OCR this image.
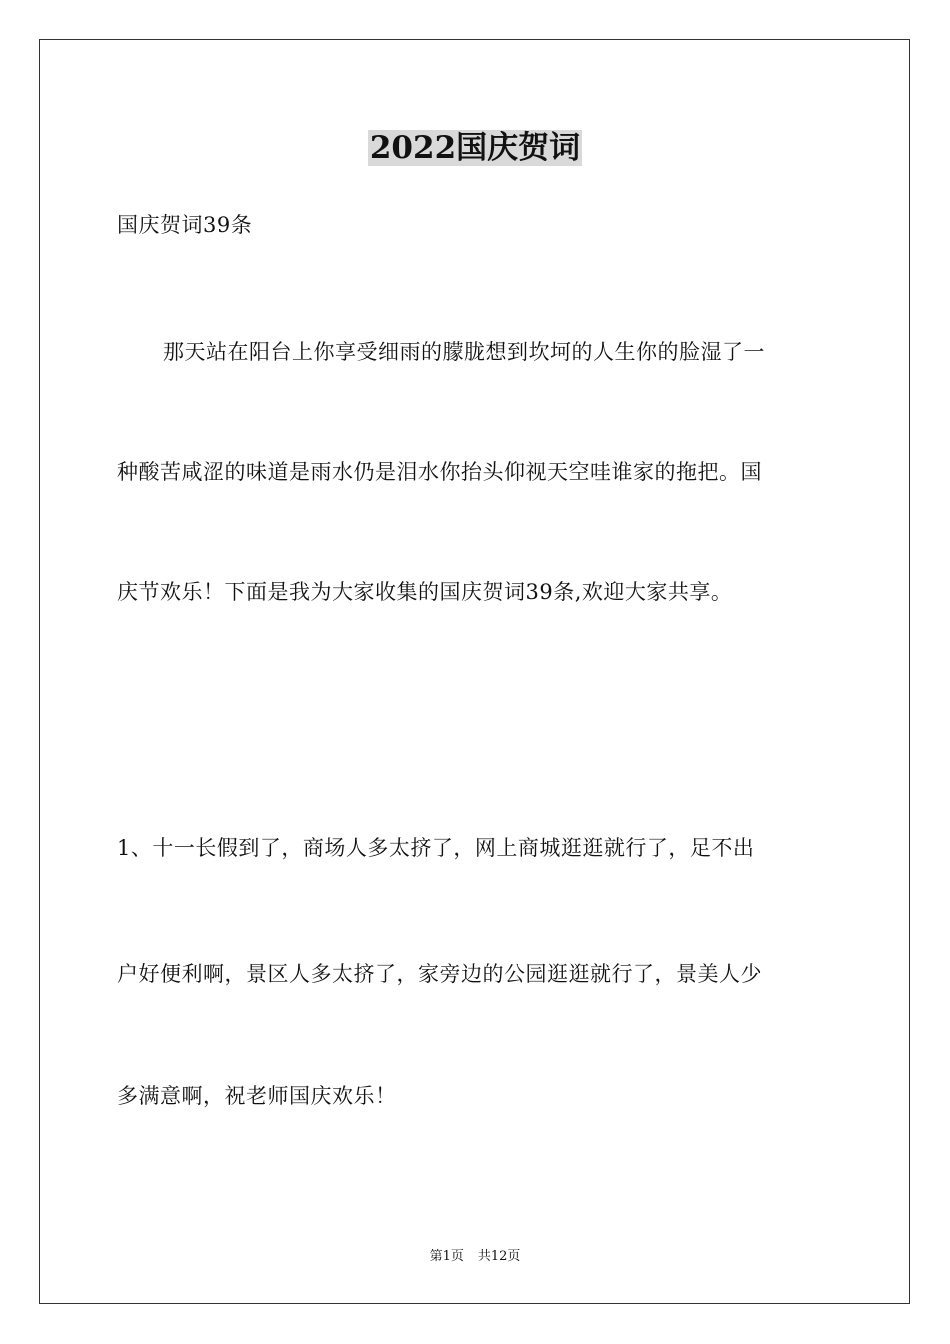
2022国庆贺词
国庆贺词39条
那天站在阳台上你享受细雨的朦胧想到坎坷的人生你的脸湿了一
种酸苦咸涩的味道是雨水仍是泪水你抬头仰视天空哇谁家的拖把。国
庆节欢乐！下面是我为大家收集的国庆贺词39条,欢迎大家共享。
1、十一长假到了，商场人多太挤了，网上商城逛逛就行了，足不出
户好便利啊，景区人多太挤了，家旁边的公园逛逛就行了，景美人少
多满意啊，祝老师国庆欢乐！
第1页 共12页
